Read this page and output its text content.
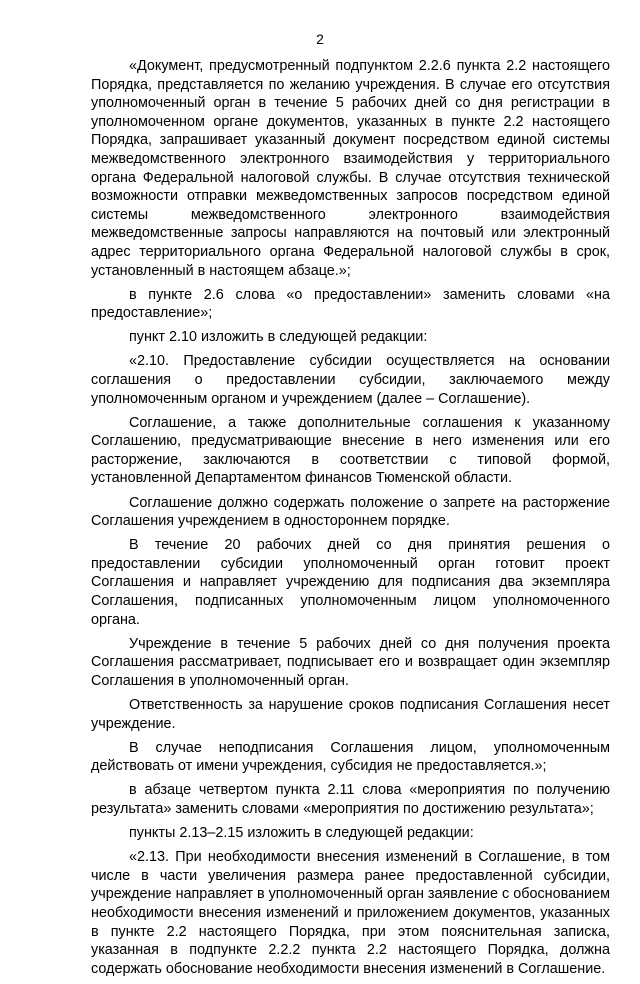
2

«Документ, предусмотренный подпунктом 2.2.6 пункта 2.2 настоящего Порядка, представляется по желанию учреждения. В случае его отсутствия уполномоченный орган в течение 5 рабочих дней со дня регистрации в уполномоченном органе документов, указанных в пункте 2.2 настоящего Порядка, запрашивает указанный документ посредством единой системы межведомственного электронного взаимодействия у территориального органа Федеральной налоговой службы. В случае отсутствия технической возможности отправки межведомственных запросов посредством единой системы межведомственного электронного взаимодействия межведомственные запросы направляются на почтовый или электронный адрес территориального органа Федеральной налоговой службы в срок, установленный в настоящем абзаце.»;

в пункте 2.6 слова «о предоставлении» заменить словами «на предоставление»;

пункт 2.10 изложить в следующей редакции:

«2.10. Предоставление субсидии осуществляется на основании соглашения о предоставлении субсидии, заключаемого между уполномоченным органом и учреждением (далее – Соглашение).

Соглашение, а также дополнительные соглашения к указанному Соглашению, предусматривающие внесение в него изменения или его расторжение, заключаются в соответствии с типовой формой, установленной Департаментом финансов Тюменской области.

Соглашение должно содержать положение о запрете на расторжение Соглашения учреждением в одностороннем порядке.

В течение 20 рабочих дней со дня принятия решения о предоставлении субсидии уполномоченный орган готовит проект Соглашения и направляет учреждению для подписания два экземпляра Соглашения, подписанных уполномоченным лицом уполномоченного органа.

Учреждение в течение 5 рабочих дней со дня получения проекта Соглашения рассматривает, подписывает его и возвращает один экземпляр Соглашения в уполномоченный орган.

Ответственность за нарушение сроков подписания Соглашения несет учреждение.

В случае неподписания Соглашения лицом, уполномоченным действовать от имени учреждения, субсидия не предоставляется.»;

в абзаце четвертом пункта 2.11 слова «мероприятия по получению результата» заменить словами «мероприятия по достижению результата»;

пункты 2.13–2.15 изложить в следующей редакции:

«2.13. При необходимости внесения изменений в Соглашение, в том числе в части увеличения размера ранее предоставленной субсидии, учреждение направляет в уполномоченный орган заявление с обоснованием необходимости внесения изменений и приложением документов, указанных в пункте 2.2 настоящего Порядка, при этом пояснительная записка, указанная в подпункте 2.2.2 пункта 2.2 настоящего Порядка, должна содержать обоснование необходимости внесения изменений в Соглашение.
